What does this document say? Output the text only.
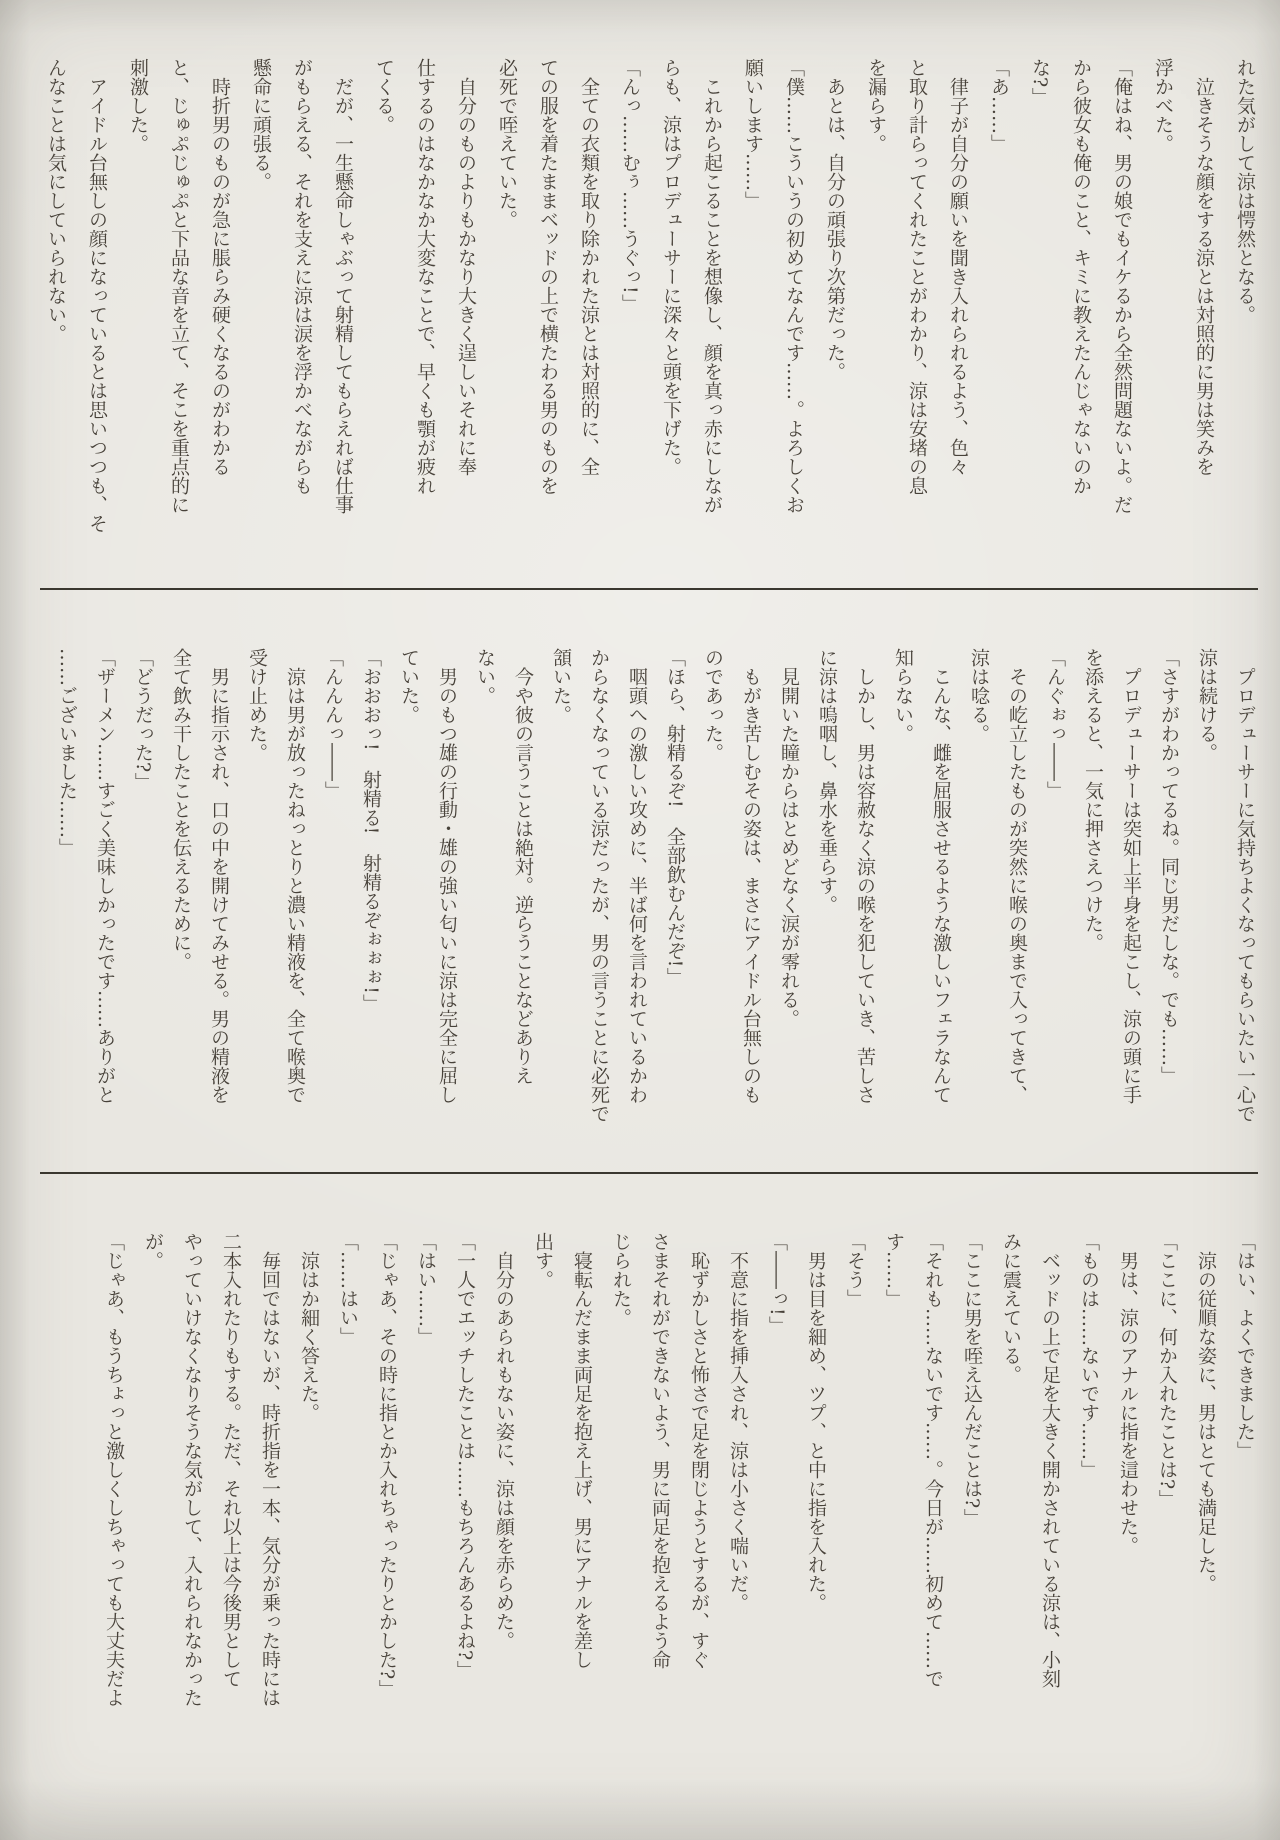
れた気がして涼は愕然となる。
　泣きそうな顔をする涼とは対照的に男は笑みを
浮かべた。
「俺はね、男の娘でもイケるから全然問題ないよ。だ
から彼女も俺のこと、キミに教えたんじゃないのか
な?」
「あ……」
　律子が自分の願いを聞き入れられるよう、色々
と取り計らってくれたことがわかり、涼は安堵の息
を漏らす。
　あとは、自分の頑張り次第だった。
「僕……こういうの初めてなんです……。よろしくお
願いします……」
　これから起こることを想像し、顔を真っ赤にしなが
らも、涼はプロデューサーに深々と頭を下げた。
「んっ……むぅ……うぐっ!」
　全ての衣類を取り除かれた涼とは対照的に、全
ての服を着たままベッドの上で横たわる男のものを
必死で咥えていた。
　自分のものよりもかなり大きく逞しいそれに奉
仕するのはなかなか大変なことで、早くも顎が疲れ
てくる。
　だが、一生懸命しゃぶって射精してもらえれば仕事
がもらえる、それを支えに涼は涙を浮かべながらも
懸命に頑張る。
　時折男のものが急に脹らみ硬くなるのがわかる
と、じゅぷじゅぷと下品な音を立て、そこを重点的に
刺激した。
　アイドル台無しの顔になっているとは思いつつも、そ
んなことは気にしていられない。
　プロデューサーに気持ちよくなってもらいたい一心で
涼は続ける。
「さすがわかってるね。同じ男だしな。でも……」
　プロデューサーは突如上半身を起こし、涼の頭に手
を添えると、一気に押さえつけた。
「んぐぉっ――」
　その屹立したものが突然に喉の奥まで入ってきて、
涼は唸る。
　こんな、雌を屈服させるような激しいフェラなんて
知らない。
　しかし、男は容赦なく涼の喉を犯していき、苦しさ
に涼は嗚咽し、鼻水を垂らす。
　見開いた瞳からはとめどなく涙が零れる。
　もがき苦しむその姿は、まさにアイドル台無しのも
のであった。
「ほら、射精るぞ!　全部飲むんだぞ!」
　咽頭への激しい攻めに、半ば何を言われているかわ
からなくなっている涼だったが、男の言うことに必死で
頷いた。
　今や彼の言うことは絶対。逆らうことなどありえ
ない。
　男のもつ雄の行動・雄の強い匂いに涼は完全に屈し
ていた。
「おおおっ!　射精る!　射精るぞぉぉぉ!」
「んんんっ――」
　涼は男が放ったねっとりと濃い精液を、全て喉奥で
受け止めた。
　男に指示され、口の中を開けてみせる。男の精液を
全て飲み干したことを伝えるために。
「どうだった?」
「ザーメン……すごく美味しかったです……ありがと
……ございました……」
「はい、よくできました」
　涼の従順な姿に、男はとても満足した。
「ここに、何か入れたことは?」
　男は、涼のアナルに指を這わせた。
「ものは……ないです……」
　ベッドの上で足を大きく開かされている涼は、小刻
みに震えている。
「ここに男を咥え込んだことは?」
「それも……ないです……。今日が……初めて……で
す……」
「そう」
　男は目を細め、ツプ、と中に指を入れた。
「――っ!」
　不意に指を挿入され、涼は小さく喘いだ。
　恥ずかしさと怖さで足を閉じようとするが、すぐ
さまそれができないよう、男に両足を抱えるよう命
じられた。
　寝転んだまま両足を抱え上げ、男にアナルを差し
出す。
　自分のあられもない姿に、涼は顔を赤らめた。
「一人でエッチしたことは……もちろんあるよね?」
「はい……」
「じゃあ、その時に指とか入れちゃったりとかした?」
「……はい」
　涼はか細く答えた。
　毎回ではないが、時折指を一本、気分が乗った時には
二本入れたりもする。ただ、それ以上は今後男として
やっていけなくなりそうな気がして、入れられなかった
が。
「じゃあ、もうちょっと激しくしちゃっても大丈夫だよ
